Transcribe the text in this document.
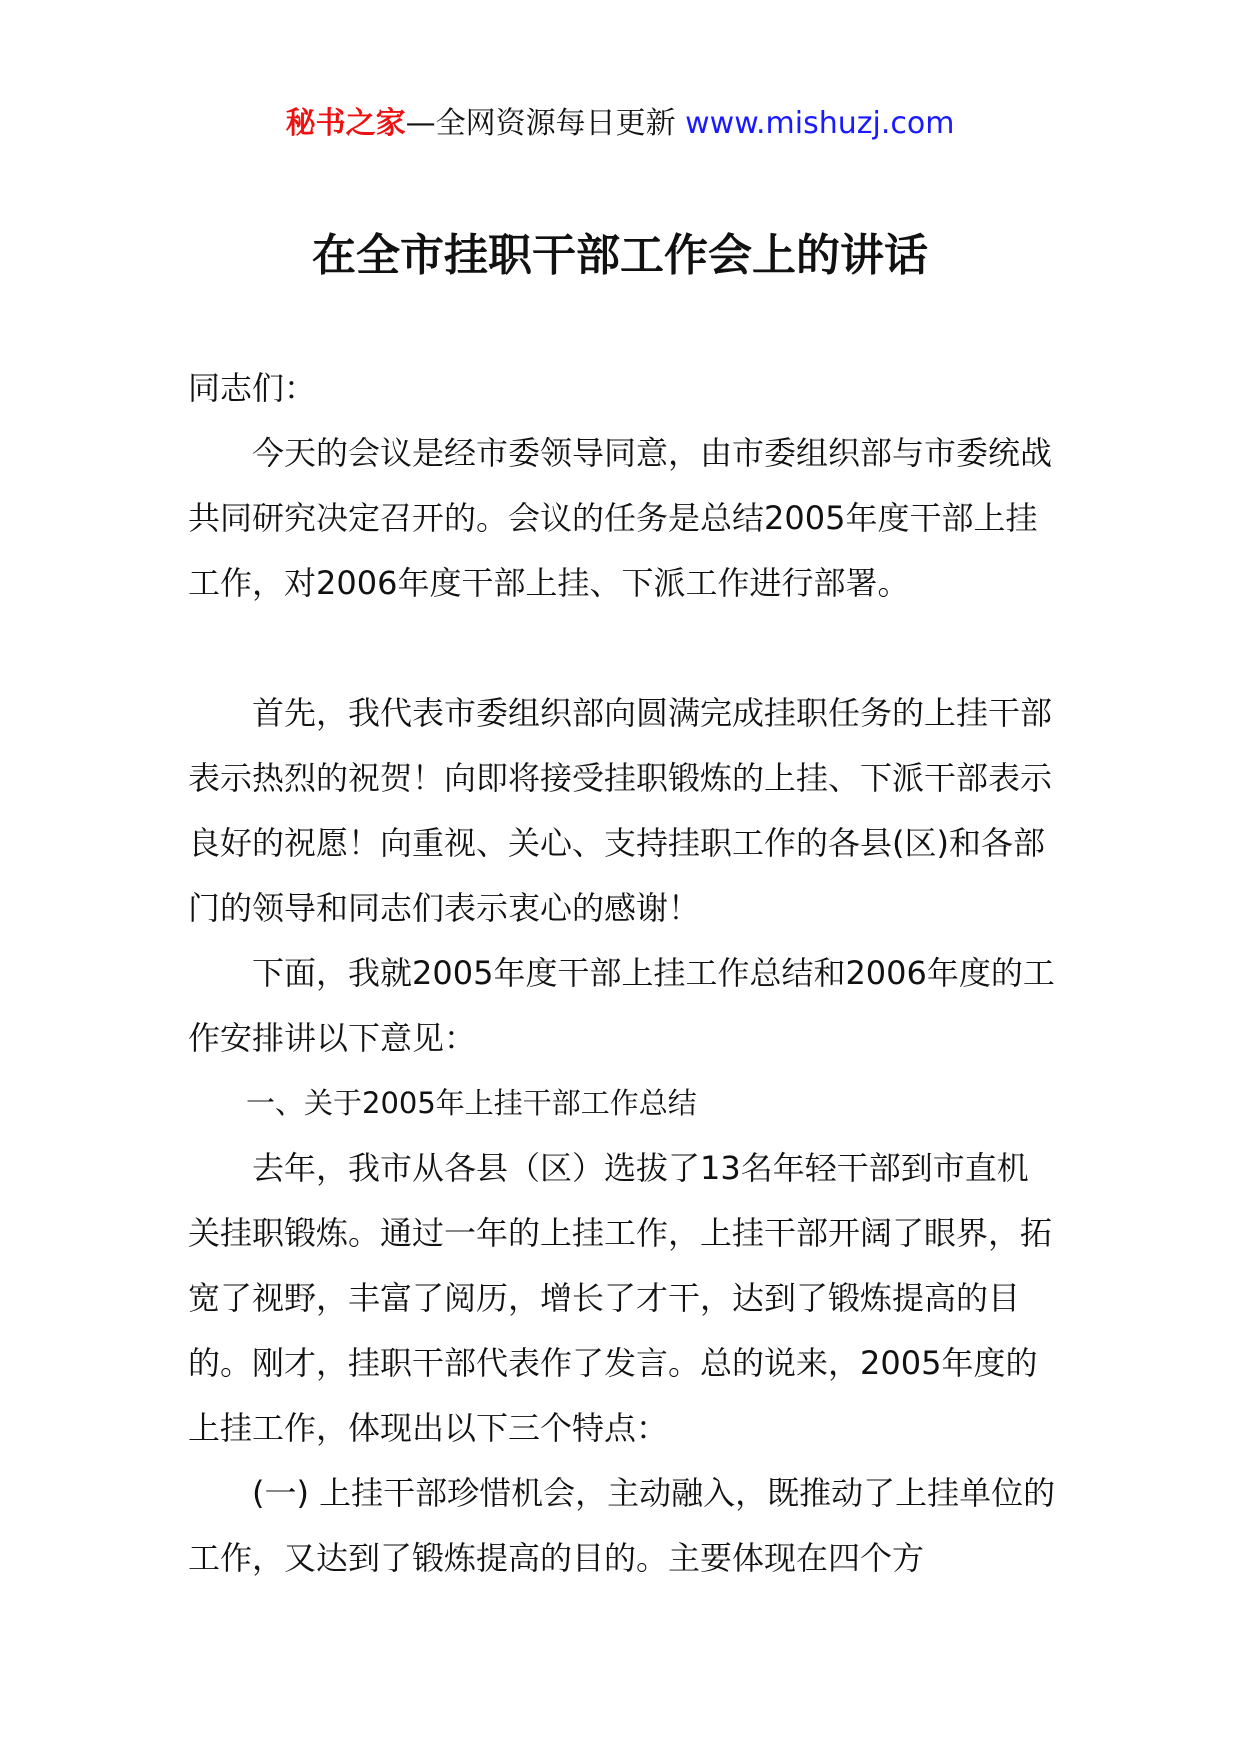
秘书之家—全网资源每日更新 www.mishuzj.com
在全市挂职干部工作会上的讲话

同志们：

今天的会议是经市委领导同意，由市委组织部与市委统战共同研究决定召开的。会议的任务是总结2005年度干部上挂工作，对2006年度干部上挂、下派工作进行部署。

首先，我代表市委组织部向圆满完成挂职任务的上挂干部表示热烈的祝贺！向即将接受挂职锻炼的上挂、下派干部表示良好的祝愿！向重视、关心、支持挂职工作的各县(区)和各部门的领导和同志们表示衷心的感谢！

下面，我就2005年度干部上挂工作总结和2006年度的工作安排讲以下意见：

一、关于2005年上挂干部工作总结

去年，我市从各县（区）选拔了13名年轻干部到市直机关挂职锻炼。通过一年的上挂工作，上挂干部开阔了眼界，拓宽了视野，丰富了阅历，增长了才干，达到了锻炼提高的目的。刚才，挂职干部代表作了发言。总的说来，2005年度的上挂工作，体现出以下三个特点：

(一) 上挂干部珍惜机会，主动融入，既推动了上挂单位的工作，又达到了锻炼提高的目的。主要体现在四个方
